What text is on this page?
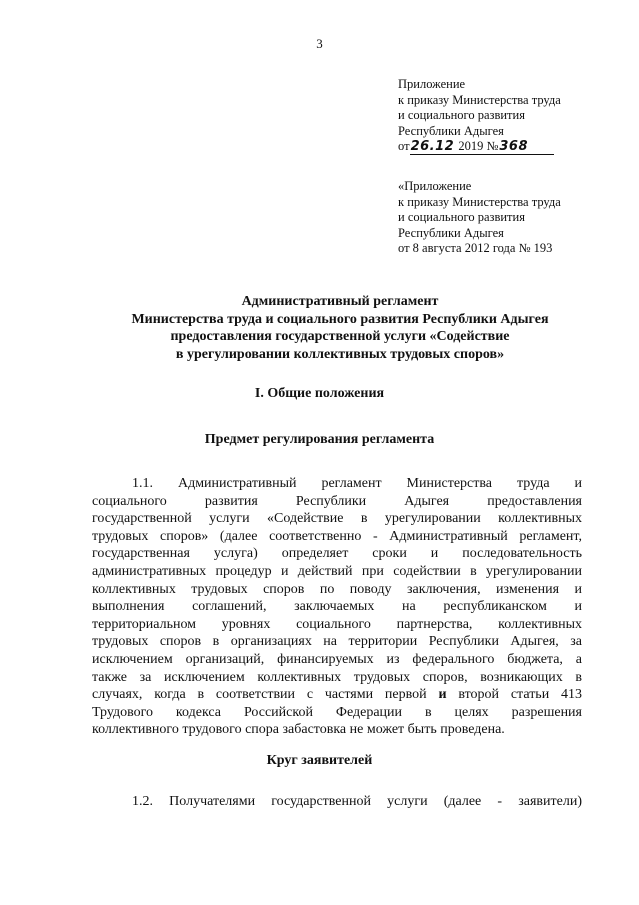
3
Приложение
к приказу Министерства труда
и социального развития
Республики Адыгея
от26.12 2019 №368
«Приложение
к приказу Министерства труда
и социального развития
Республики Адыгея
от 8 августа 2012 года № 193
Административный регламент
Министерства труда и социального развития Республики Адыгея
предоставления государственной услуги «Содействие
в урегулировании коллективных трудовых споров»
I. Общие положения
Предмет регулирования регламента
1.1. Административный регламент Министерства труда и
социального развития Республики Адыгея предоставления
государственной услуги «Содействие в урегулировании коллективных
трудовых споров» (далее соответственно - Административный регламент,
государственная услуга) определяет сроки и последовательность
административных процедур и действий при содействии в урегулировании
коллективных трудовых споров по поводу заключения, изменения и
выполнения соглашений, заключаемых на республиканском и
территориальном уровнях социального партнерства, коллективных
трудовых споров в организациях на территории Республики Адыгея, за
исключением организаций, финансируемых из федерального бюджета, а
также за исключением коллективных трудовых споров, возникающих в
случаях, когда в соответствии с частями первой и второй статьи 413
Трудового кодекса Российской Федерации в целях разрешения
коллективного трудового спора забастовка не может быть проведена.
Круг заявителей
1.2. Получателями государственной услуги (далее - заявители)
